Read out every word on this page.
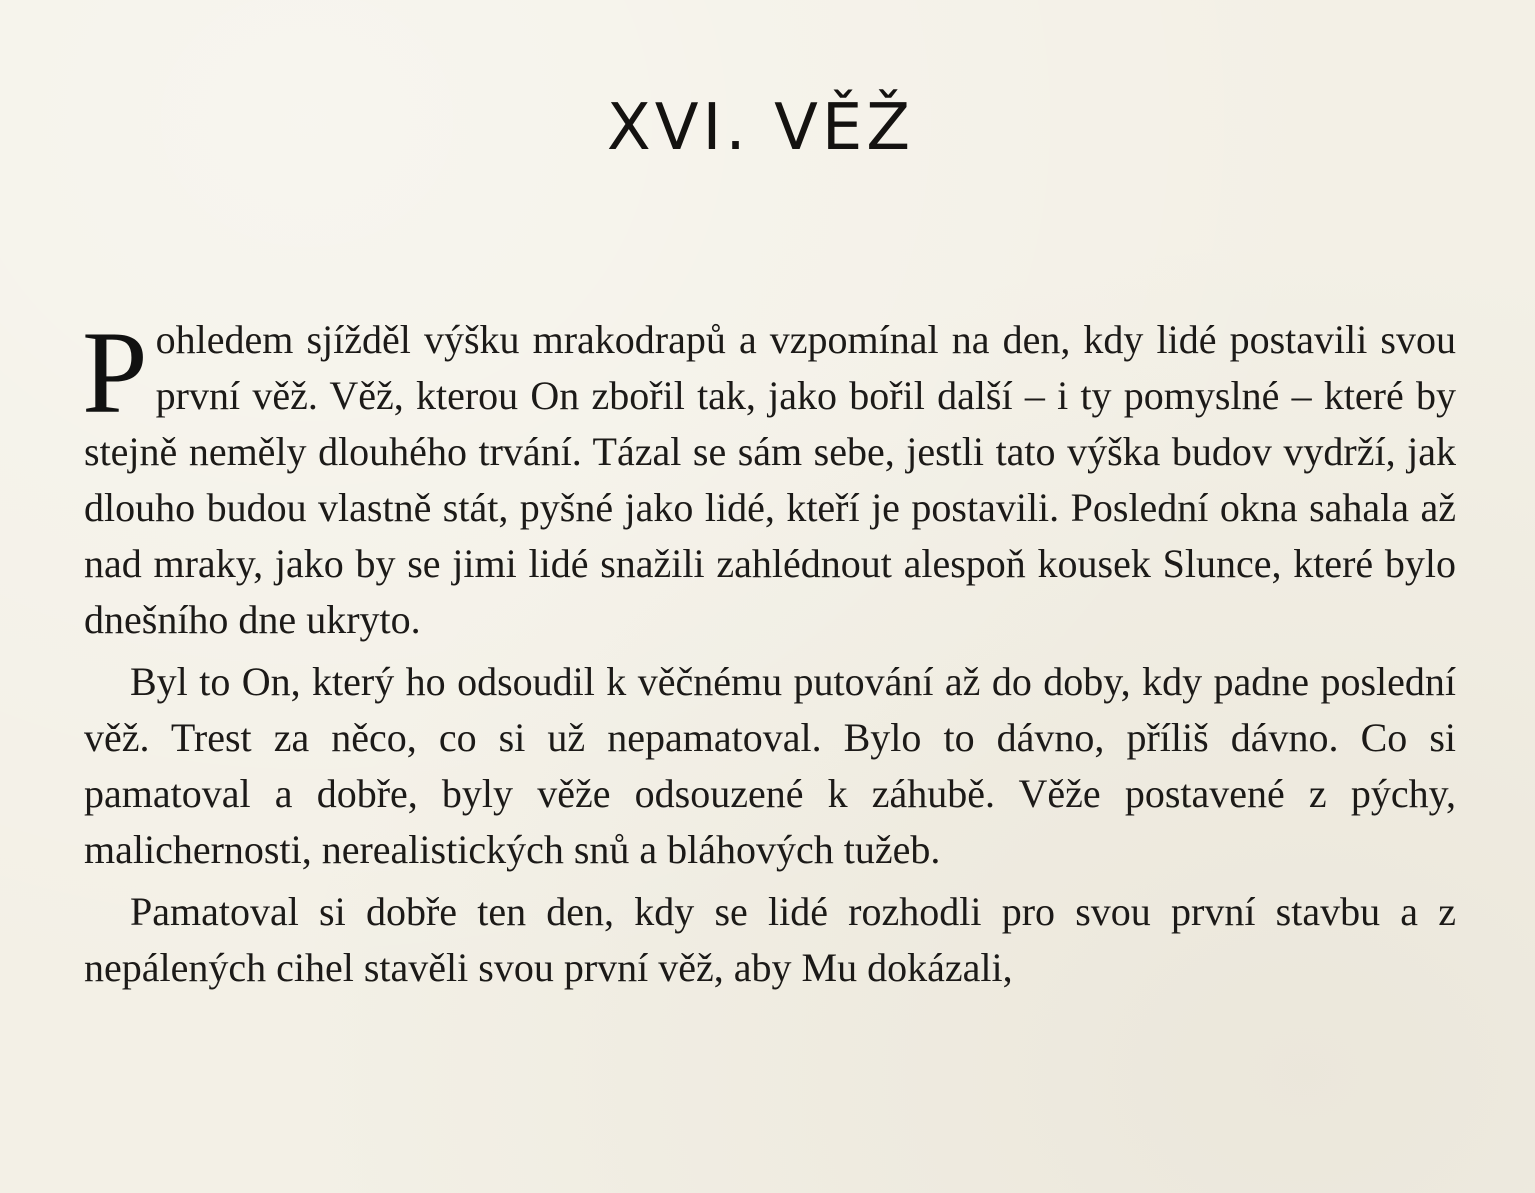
XVI. VĚŽ

Pohledem sjížděl výšku mrakodrapů a vzpomínal na den, kdy lidé postavili svou první věž. Věž, kterou On zbořil tak, jako bořil další – i ty pomyslné – které by stejně neměly dlouhého trvání. Tázal se sám sebe, jestli tato výška budov vydrží, jak dlouho budou vlastně stát, pyšné jako lidé, kteří je postavili. Poslední okna sahala až nad mraky, jako by se jimi lidé snažili zahlédnout alespoň kousek Slunce, které bylo dnešního dne ukryto.

Byl to On, který ho odsoudil k věčnému putování až do doby, kdy padne poslední věž. Trest za něco, co si už nepamatoval. Bylo to dávno, příliš dávno. Co si pamatoval a dobře, byly věže odsouzené k záhubě. Věže postavené z pýchy, malichernosti, nerealistických snů a bláhových tužeb.

Pamatoval si dobře ten den, kdy se lidé rozhodli pro svou první stavbu a z nepálených cihel stavěli svou první věž, aby Mu dokázali,
